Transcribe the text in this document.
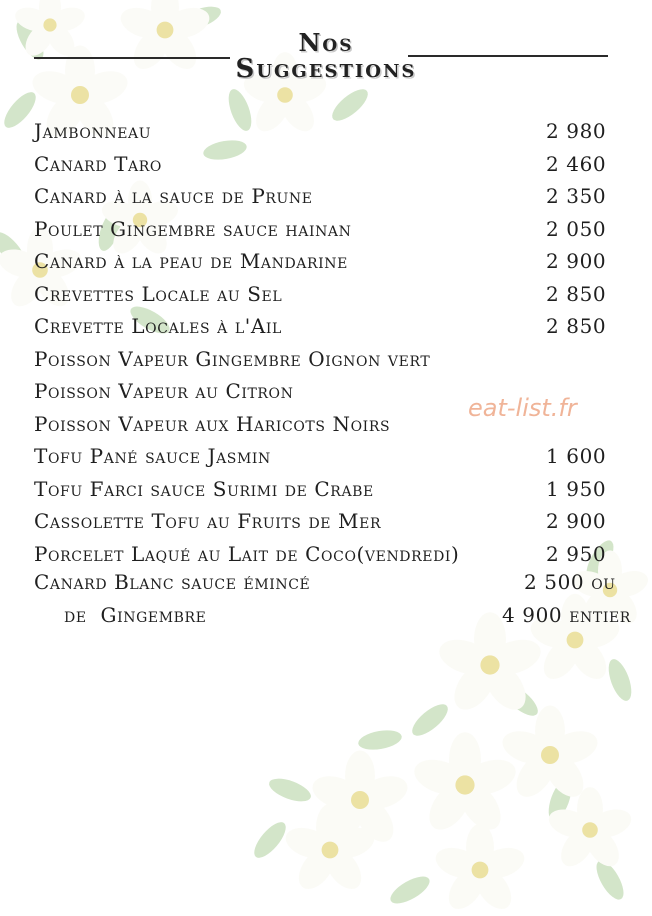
Nos
Suggestions
Jambonneau	2 980
Canard Taro	2 460
Canard à la sauce de Prune	2 350
Poulet Gingembre sauce hainan	2 050
Canard à la peau de Mandarine	2 900
Crevettes Locale au Sel	2 850
Crevette Locales à l'Ail	2 850
Poisson Vapeur Gingembre Oignon vert
Poisson Vapeur au Citron
Poisson Vapeur aux Haricots Noirs
Tofu Pané sauce Jasmin	1 600
Tofu Farci sauce Surimi de Crabe	1 950
Cassolette Tofu au Fruits de Mer	2 900
Porcelet Laqué au Lait de Coco(vendredi)	2 950
Canard Blanc sauce émincé	2 500 ou
de  Gingembre	4 900 entier
eat-list.fr
